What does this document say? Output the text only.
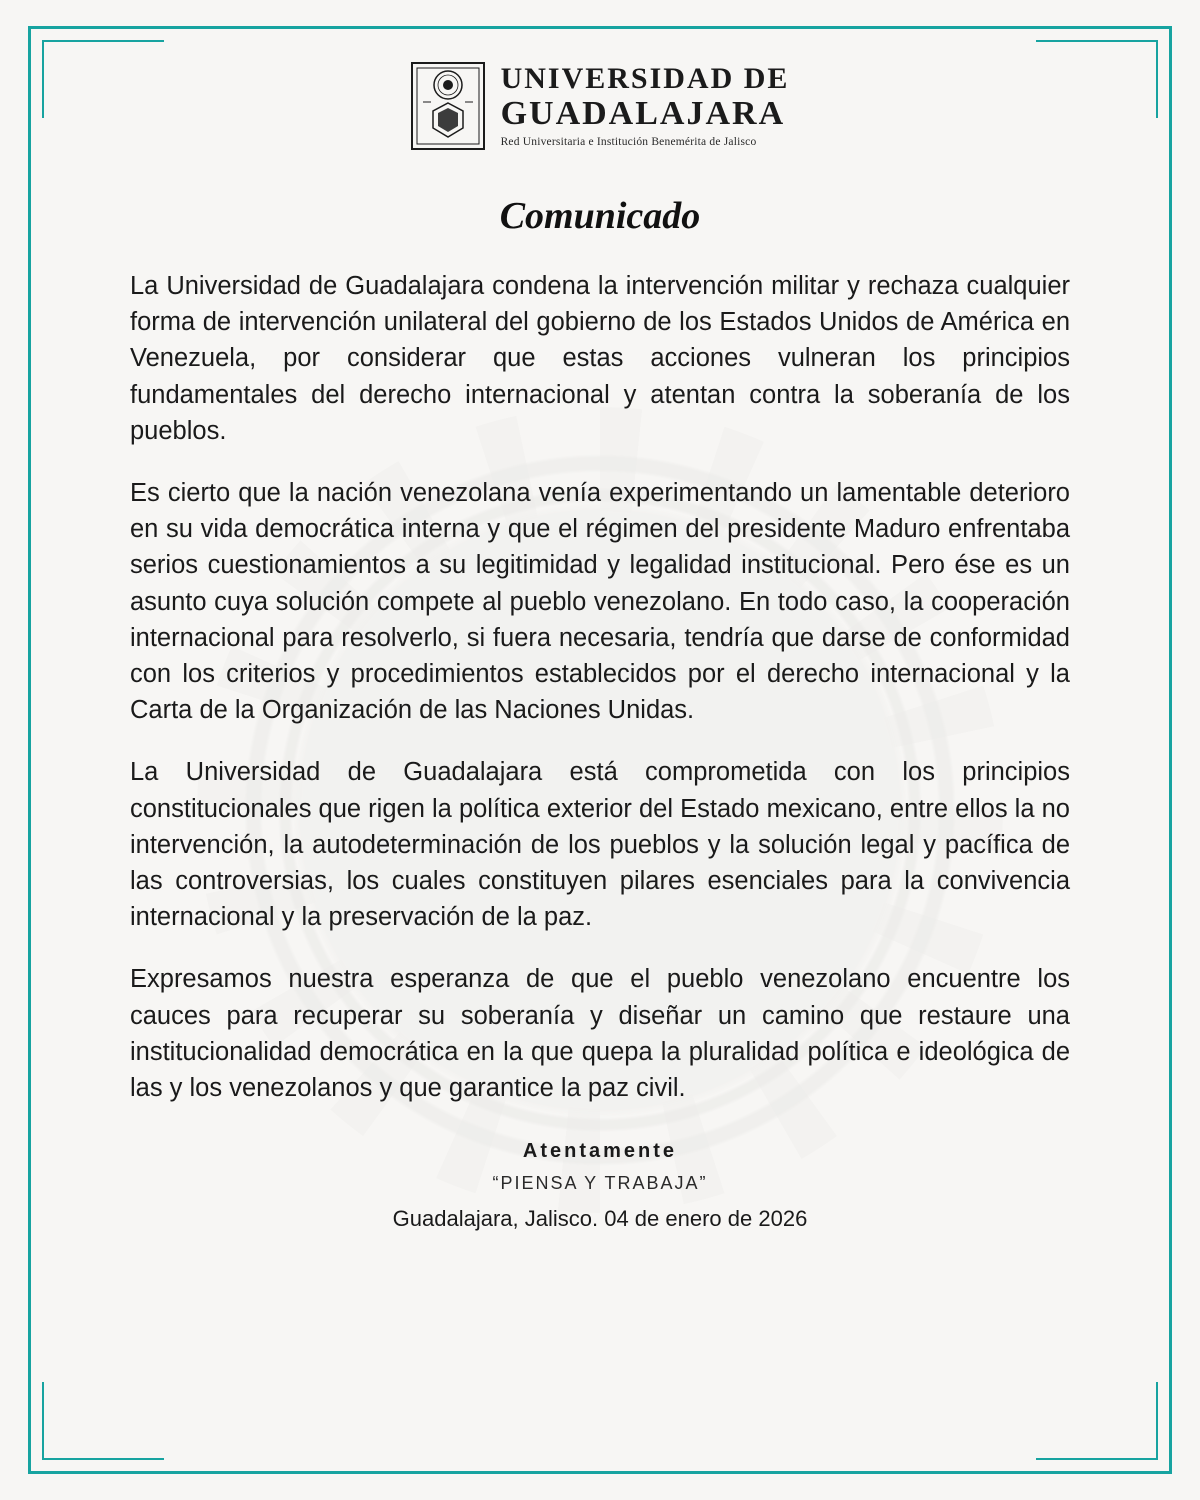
UNIVERSIDAD DE
GUADALAJARA
Red Universitaria e Institución Benemérita de Jalisco
Comunicado

La Universidad de Guadalajara condena la intervención militar y rechaza cualquier forma de intervención unilateral del gobierno de los Estados Unidos de América en Venezuela, por considerar que estas acciones vulneran los principios fundamentales del derecho internacional y atentan contra la soberanía de los pueblos.

Es cierto que la nación venezolana venía experimentando un lamentable deterioro en su vida democrática interna y que el régimen del presidente Maduro enfrentaba serios cuestionamientos a su legitimidad y legalidad institucional. Pero ése es un asunto cuya solución compete al pueblo venezolano. En todo caso, la cooperación internacional para resolverlo, si fuera necesaria, tendría que darse de conformidad con los criterios y procedimientos establecidos por el derecho internacional y la Carta de la Organización de las Naciones Unidas.

La Universidad de Guadalajara está comprometida con los principios constitucionales que rigen la política exterior del Estado mexicano, entre ellos la no intervención, la autodeterminación de los pueblos y la solución legal y pacífica de las controversias, los cuales constituyen pilares esenciales para la convivencia internacional y la preservación de la paz.

Expresamos nuestra esperanza de que el pueblo venezolano encuentre los cauces para recuperar su soberanía y diseñar un camino que restaure una institucionalidad democrática en la que quepa la pluralidad política e ideológica de las y los venezolanos y que garantice la paz civil.

Atentamente
“PIENSA Y TRABAJA”
Guadalajara, Jalisco. 04 de enero de 2026
